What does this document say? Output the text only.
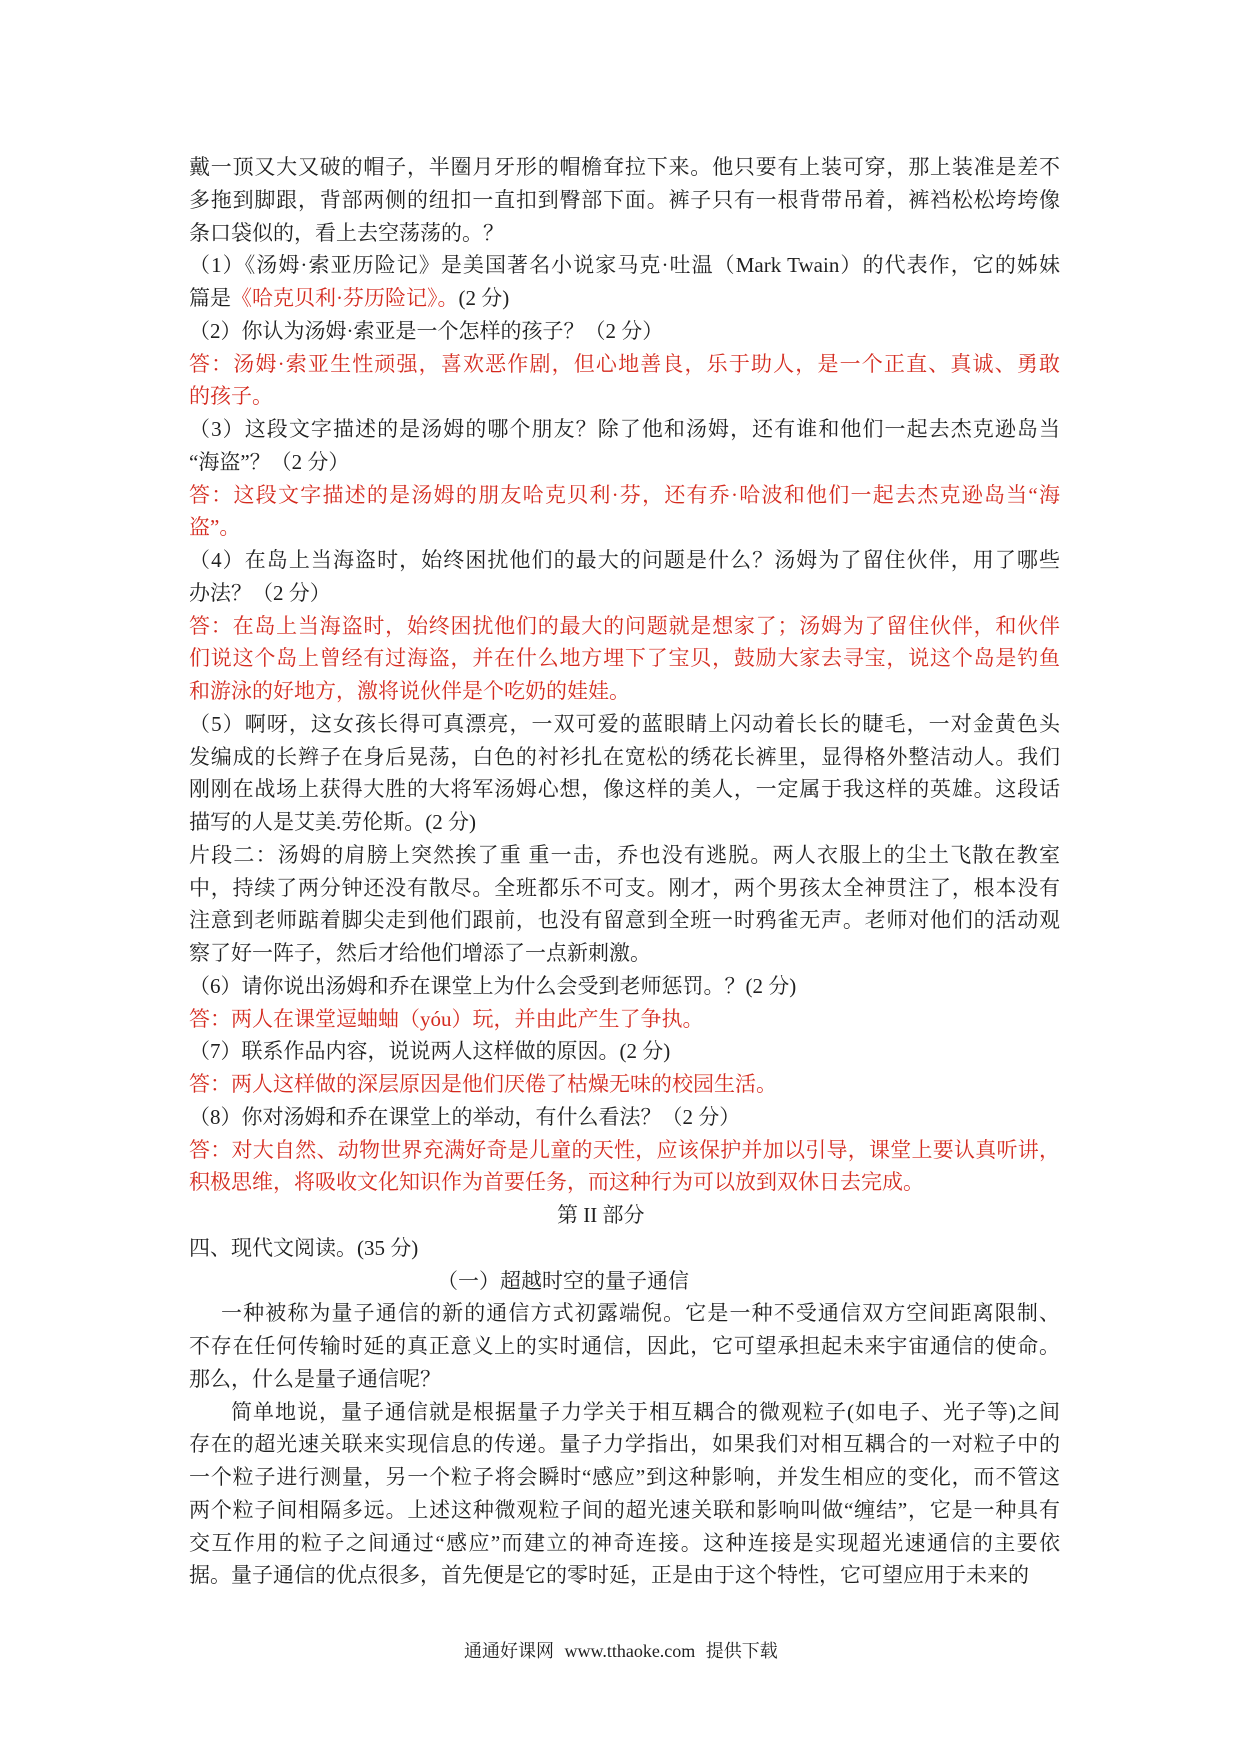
戴一顶又大又破的帽子，半圈月牙形的帽檐耷拉下来。他只要有上装可穿，那上装准是差不
多拖到脚跟，背部两侧的纽扣一直扣到臀部下面。裤子只有一根背带吊着，裤裆松松垮垮像
条口袋似的，看上去空荡荡的。？
（1）《汤姆·索亚历险记》是美国著名小说家马克·吐温（Mark Twain）的代表作，它的姊妹
篇是《哈克贝利·芬历险记》。(2 分)
（2）你认为汤姆·索亚是一个怎样的孩子？（2 分）
答：汤姆·索亚生性顽强，喜欢恶作剧，但心地善良，乐于助人，是一个正直、真诚、勇敢
的孩子。
（3）这段文字描述的是汤姆的哪个朋友？除了他和汤姆，还有谁和他们一起去杰克逊岛当
“海盗”？（2 分）
答：这段文字描述的是汤姆的朋友哈克贝利·芬，还有乔·哈波和他们一起去杰克逊岛当“海
盗”。
（4）在岛上当海盗时，始终困扰他们的最大的问题是什么？汤姆为了留住伙伴，用了哪些
办法？（2 分）
答：在岛上当海盗时，始终困扰他们的最大的问题就是想家了；汤姆为了留住伙伴，和伙伴
们说这个岛上曾经有过海盗，并在什么地方埋下了宝贝，鼓励大家去寻宝，说这个岛是钓鱼
和游泳的好地方，激将说伙伴是个吃奶的娃娃。
（5）啊呀，这女孩长得可真漂亮，一双可爱的蓝眼睛上闪动着长长的睫毛，一对金黄色头
发编成的长辫子在身后晃荡，白色的衬衫扎在宽松的绣花长裤里，显得格外整洁动人。我们
刚刚在战场上获得大胜的大将军汤姆心想，像这样的美人，一定属于我这样的英雄。这段话
描写的人是艾美.劳伦斯。(2 分)
片段二：汤姆的肩膀上突然挨了重 重一击，乔也没有逃脱。两人衣服上的尘土飞散在教室
中，持续了两分钟还没有散尽。全班都乐不可支。刚才，两个男孩太全神贯注了，根本没有
注意到老师踮着脚尖走到他们跟前，也没有留意到全班一时鸦雀无声。老师对他们的活动观
察了好一阵子，然后才给他们增添了一点新刺激。
（6）请你说出汤姆和乔在课堂上为什么会受到老师惩罚。？(2 分)
答：两人在课堂逗蚰蚰（yóu）玩，并由此产生了争执。
（7）联系作品内容，说说两人这样做的原因。(2 分)
答：两人这样做的深层原因是他们厌倦了枯燥无味的校园生活。
（8）你对汤姆和乔在课堂上的举动，有什么看法？（2 分）
答：对大自然、动物世界充满好奇是儿童的天性，应该保护并加以引导，课堂上要认真听讲，
积极思维，将吸收文化知识作为首要任务，而这种行为可以放到双休日去完成。
第 II 部分
四、现代文阅读。(35 分)
（一）超越时空的量子通信
一种被称为量子通信的新的通信方式初露端倪。它是一种不受通信双方空间距离限制、
不存在任何传输时延的真正意义上的实时通信，因此，它可望承担起未来宇宙通信的使命。
那么，什么是量子通信呢？
简单地说，量子通信就是根据量子力学关于相互耦合的微观粒子(如电子、光子等)之间
存在的超光速关联来实现信息的传递。量子力学指出，如果我们对相互耦合的一对粒子中的
一个粒子进行测量，另一个粒子将会瞬时“感应”到这种影响，并发生相应的变化，而不管这
两个粒子间相隔多远。上述这种微观粒子间的超光速关联和影响叫做“缠结”，它是一种具有
交互作用的粒子之间通过“感应”而建立的神奇连接。这种连接是实现超光速通信的主要依
据。量子通信的优点很多，首先便是它的零时延，正是由于这个特性，它可望应用于未来的
通通好课网 www.tthaoke.com 提供下载
